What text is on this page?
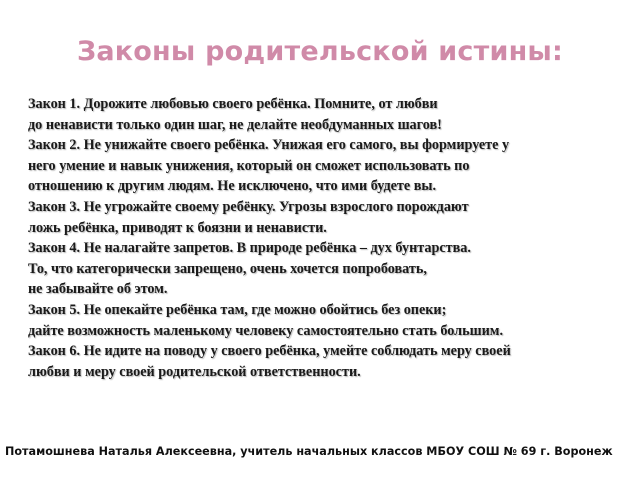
Законы родительской истины:
Закон 1. Дорожите любовью своего ребёнка. Помните, от любви
до ненависти только один шаг, не делайте необдуманных шагов!
Закон 2. Не унижайте своего ребёнка. Унижая его самого, вы формируете у
него умение и навык унижения, который он сможет использовать по
отношению к другим людям. Не исключено, что ими будете вы.
Закон 3. Не угрожайте своему ребёнку. Угрозы взрослого порождают
ложь ребёнка, приводят к боязни и ненависти.
Закон 4. Не налагайте запретов. В природе ребёнка – дух бунтарства.
То, что категорически запрещено, очень хочется попробовать,
не забывайте об этом.
Закон 5. Не опекайте ребёнка там, где можно обойтись без опеки;
дайте возможность маленькому человеку самостоятельно стать большим.
Закон 6. Не идите на поводу у своего ребёнка, умейте соблюдать меру своей
любви и меру своей родительской ответственности.
Потамошнева Наталья Алексеевна, учитель начальных классов МБОУ СОШ № 69 г. Воронеж
